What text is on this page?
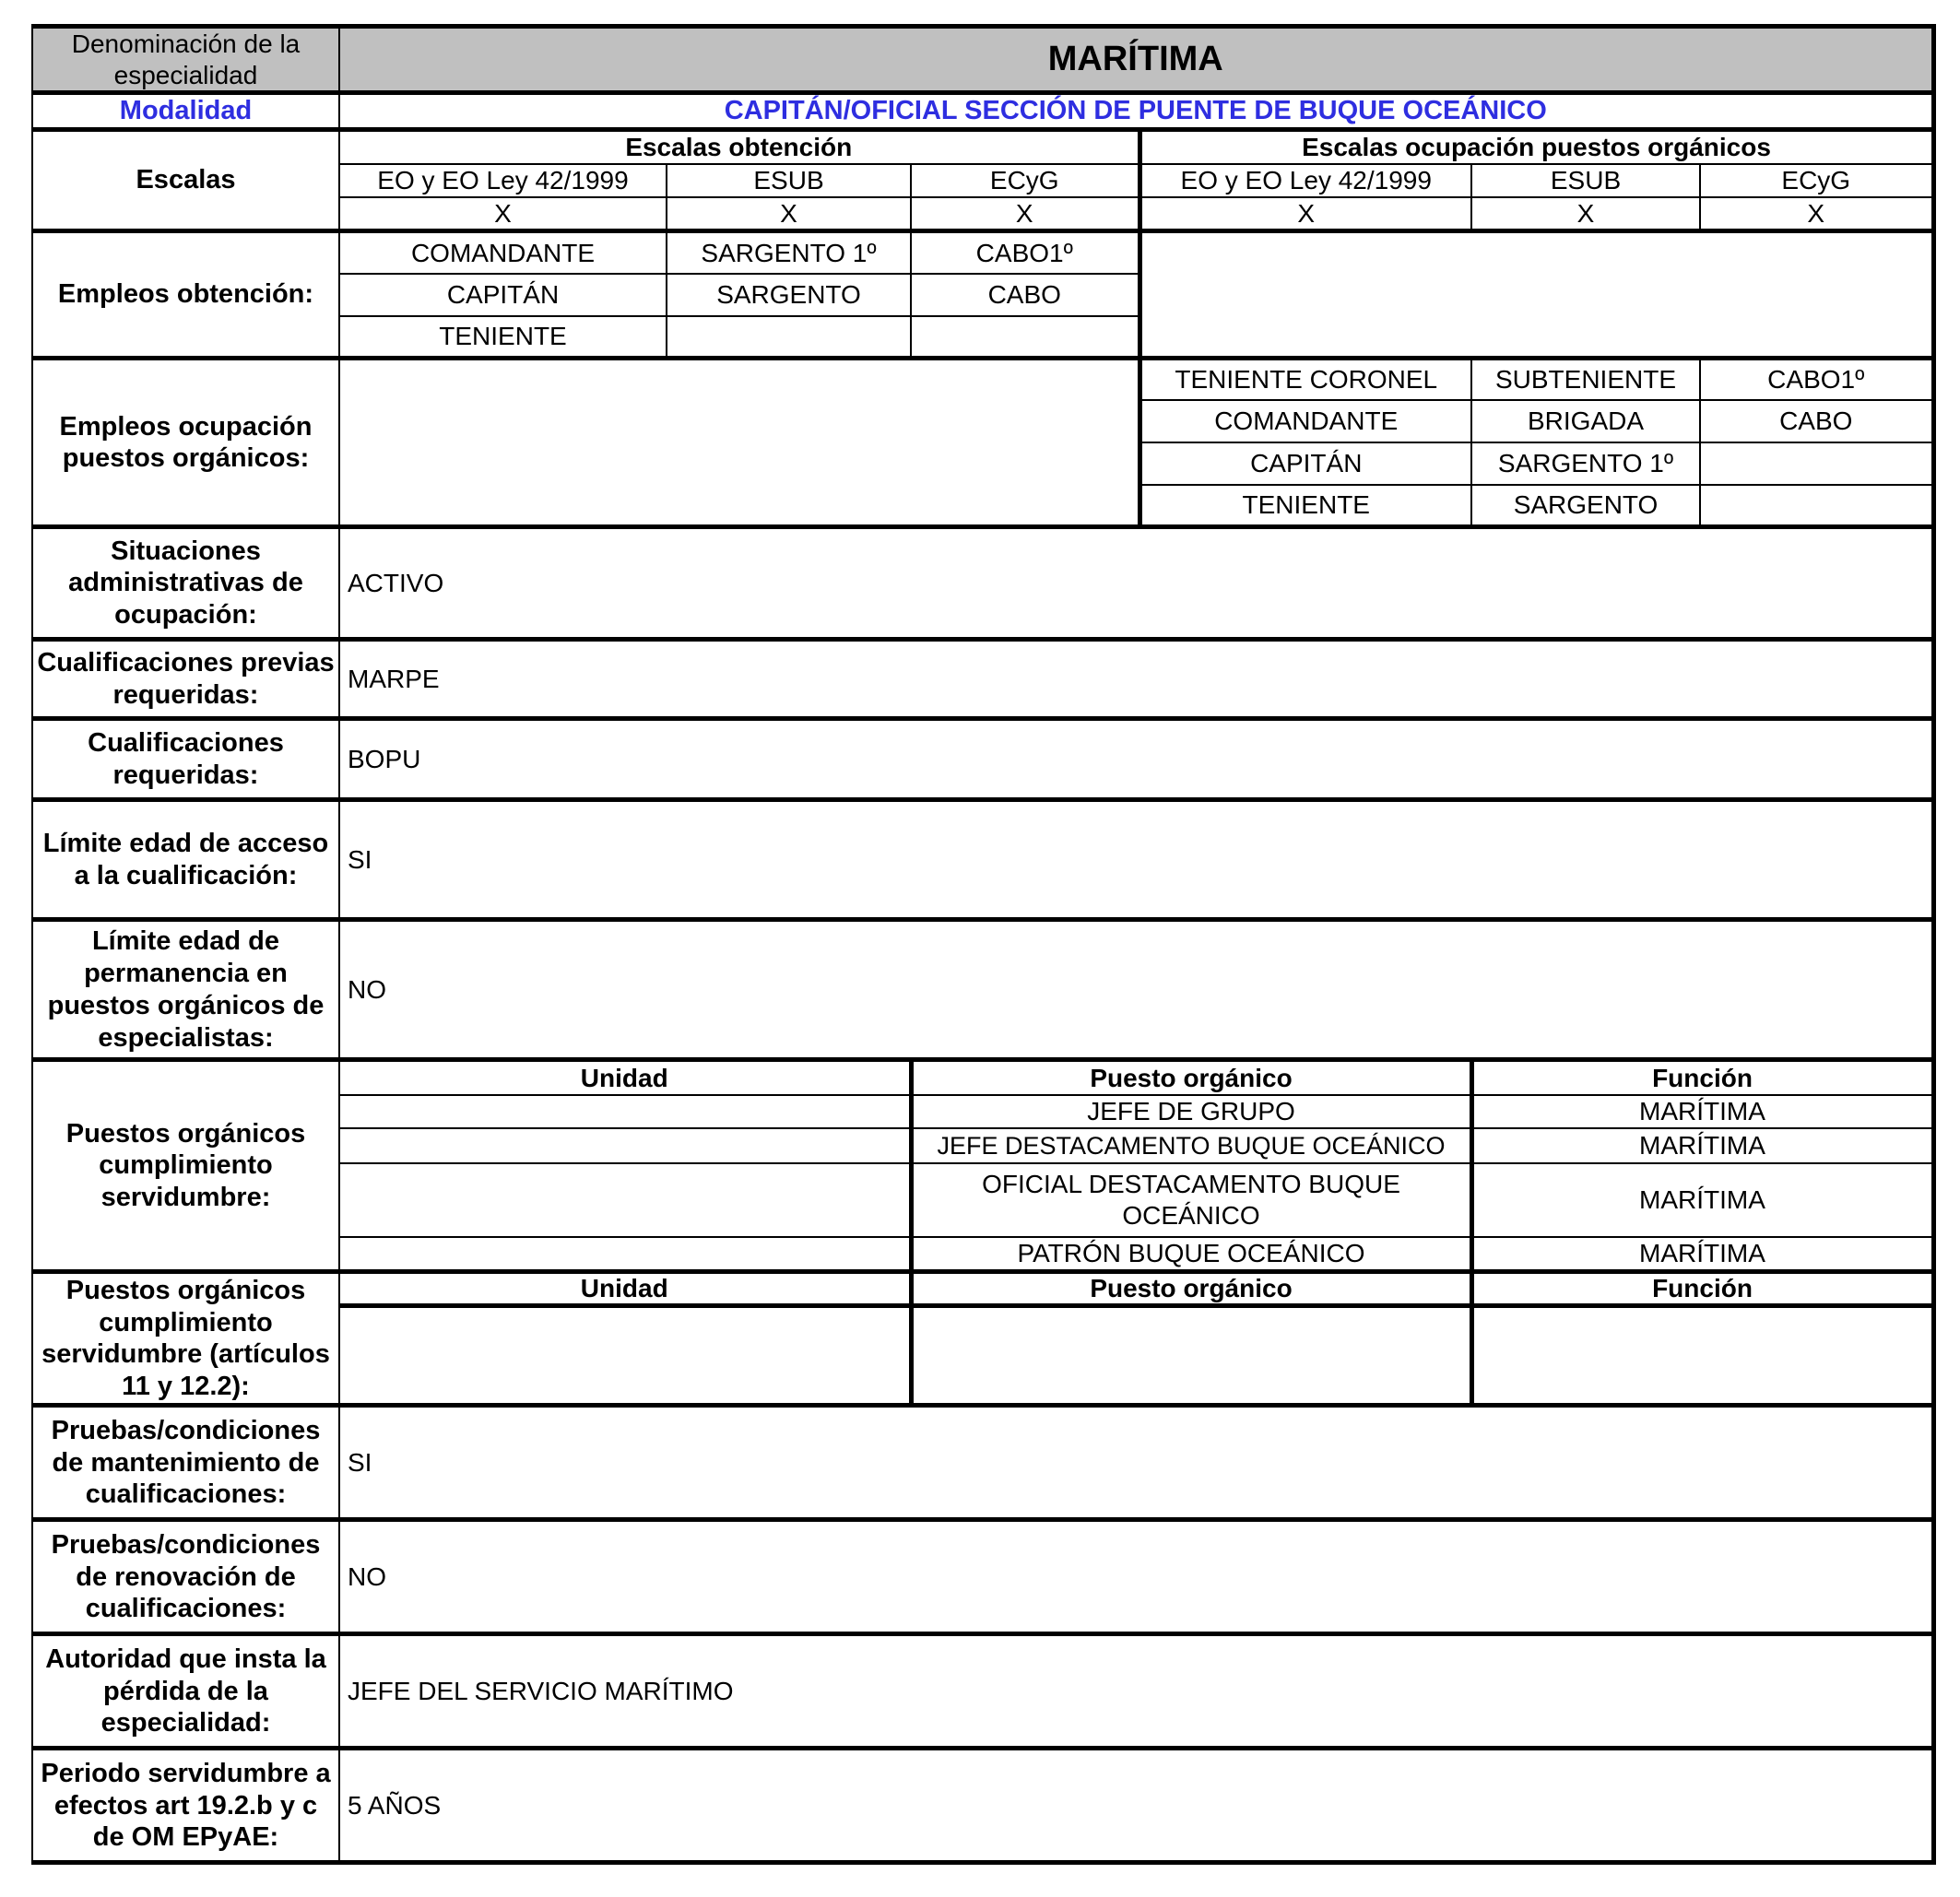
Denominación de la especialidad	MARÍTIMA					
Modalidad	CAPITÁN/OFICIAL SECCIÓN DE PUENTE DE BUQUE OCEÁNICO					
Escalas	Escalas obtención			Escalas ocupación puestos orgánicos		
	EO y EO Ley 42/1999	ESUB	ECyG	EO y EO Ley 42/1999	ESUB	ECyG
	X	X	X	X	X	X
Empleos obtención:	COMANDANTE	SARGENTO 1º	CABO1º			
	CAPITÁN	SARGENTO	CABO			
	TENIENTE					
Empleos ocupación puestos orgánicos:				TENIENTE CORONEL	SUBTENIENTE	CABO1º
				COMANDANTE	BRIGADA	CABO
				CAPITÁN	SARGENTO 1º	
				TENIENTE	SARGENTO	
Situaciones administrativas de ocupación:	ACTIVO					
Cualificaciones previas requeridas:	MARPE					
Cualificaciones requeridas:	BOPU					
Límite edad de acceso a la cualificación:	SI					
Límite edad de permanencia en puestos orgánicos de especialistas:	NO					
Puestos orgánicos cumplimiento servidumbre:	Unidad		Puesto orgánico		Función	
			JEFE DE GRUPO		MARÍTIMA	
			JEFE DESTACAMENTO BUQUE OCEÁNICO		MARÍTIMA	
			OFICIAL DESTACAMENTO BUQUE OCEÁNICO		MARÍTIMA	
			PATRÓN BUQUE OCEÁNICO		MARÍTIMA	

Puestos orgánicos cumplimiento servidumbre (artículos 11 y 12.2):	Unidad		Puesto orgánico		Función	

Pruebas/condiciones de mantenimiento de cualificaciones:	SI					
Pruebas/condiciones de renovación de cualificaciones:	NO					
Autoridad que insta la pérdida de la especialidad:	JEFE DEL SERVICIO MARÍTIMO					
Periodo servidumbre a efectos art 19.2.b y c de OM EPyAE:	5 AÑOS					
